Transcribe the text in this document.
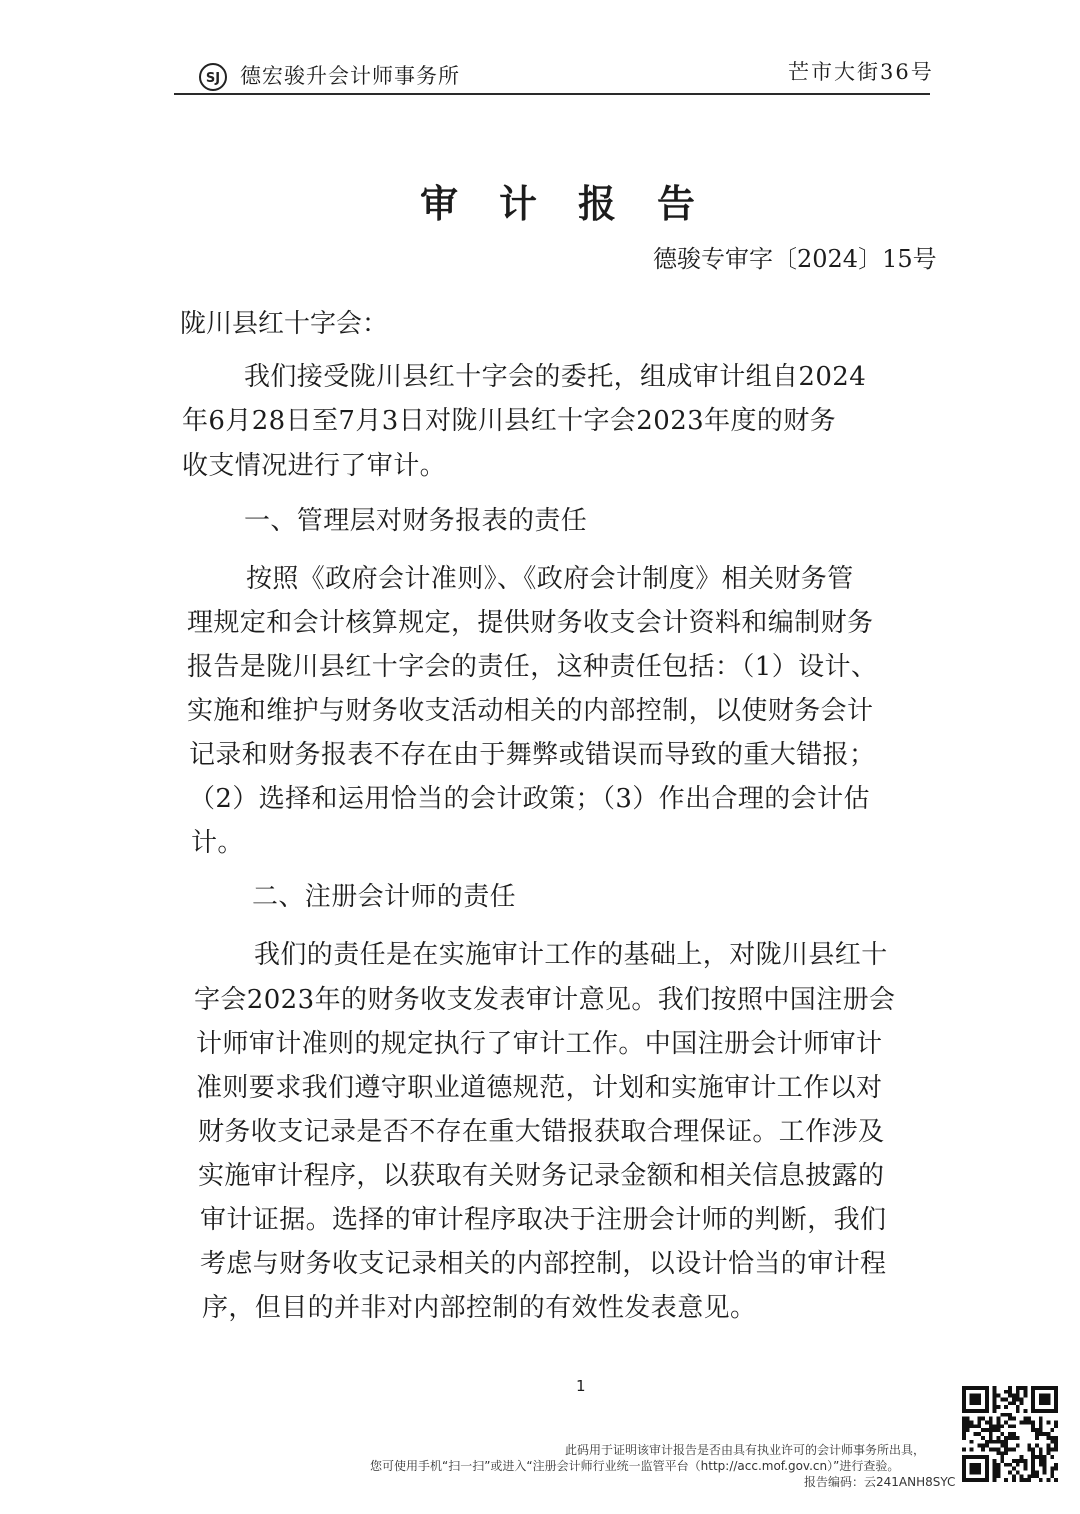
SJ 德宏骏升会计师事务所	芒市大街36号
审计报告
德骏专审字〔2024〕15号
陇川县红十字会：
我们接受陇川县红十字会的委托，组成审计组自2024
年6月28日至7月3日对陇川县红十字会2023年度的财务
收支情况进行了审计。
一、管理层对财务报表的责任
按照《政府会计准则》、《政府会计制度》相关财务管
理规定和会计核算规定，提供财务收支会计资料和编制财务
报告是陇川县红十字会的责任，这种责任包括：（1）设计、
实施和维护与财务收支活动相关的内部控制，以使财务会计
记录和财务报表不存在由于舞弊或错误而导致的重大错报；
（2）选择和运用恰当的会计政策；（3）作出合理的会计估
计。
二、注册会计师的责任
我们的责任是在实施审计工作的基础上，对陇川县红十
字会2023年的财务收支发表审计意见。我们按照中国注册会
计师审计准则的规定执行了审计工作。中国注册会计师审计
准则要求我们遵守职业道德规范，计划和实施审计工作以对
财务收支记录是否不存在重大错报获取合理保证。工作涉及
实施审计程序，以获取有关财务记录金额和相关信息披露的
审计证据。选择的审计程序取决于注册会计师的判断，我们
考虑与财务收支记录相关的内部控制，以设计恰当的审计程
序，但目的并非对内部控制的有效性发表意见。
1
此码用于证明该审计报告是否由具有执业许可的会计师事务所出具，
您可使用手机“扫一扫”或进入“注册会计师行业统一监管平台（http://acc.mof.gov.cn）”进行查验。
报告编码：云241ANH8SYC
